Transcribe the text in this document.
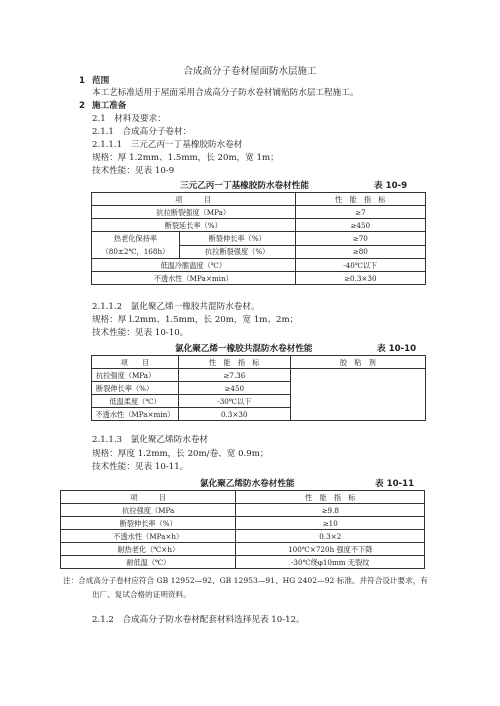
合成高分子卷材屋面防水层施工
1 范围
本工艺标准适用于屋面采用合成高分子防水卷材铺贴防水层工程施工。
2 施工准备
2.1　材料及要求：
2.1.1　合成高分子卷材：
2.1.1.1　三元乙丙一丁基橡胶防水卷材
规格：厚 1.2mm、1.5mm，长 20m，宽 1m；
技术性能：见表 10-9
三元乙丙一丁基橡胶防水卷材性能	表 10-9
项　　　目		性　能　指　标
抗拉断裂强度（MPa）		≥7
断裂延长率（%）		≥450

热老化保持率
（80±2℃，168h）	断裂伸长率（%）	≥70
	抗拉断裂强度（%）	≥80
低温冷脆温度（℃）		-40℃以下
不透水性（MPa×min）		≥0.3×30
2.1.1.2　氯化聚乙烯一橡胶共混防水卷材。
规格：厚 l.2mm、1.5mm，长 20m，宽 1m、2m；
技术性能：见表 10-10。
氯化聚乙烯一橡胶共混防水卷材性能	表 10-10
项　　目	性　能　指　标	胶　粘　剂
抗拉强度（MPa）	≥7.36	
断裂伸长率（%）	≥450	
低温柔度（℃）	-30℃以下	
不透水性（MPa×min）	0.3×30	
2.1.1.3　氯化聚乙烯防水卷材
规格：厚度 1.2mm，长 20m/卷、宽 0.9m；
技术性能：见表 10-11。
氯化聚乙烯防水卷材性能	表 10-11
项　　　目	性　能　指　标
抗拉强度（MPa	≥9.8
断裂伸长率（%）	≥10
不透水性（MPa×h）	0.3×2
耐热老化（℃×h）	100℃×720h 强度不下降
耐低温（℃）	-30℃绕φ10mm 无裂纹
注：合成高分子卷材应符合 GB 12952—92、GB 12953—91、HG 2402—92 标准。并符合设计要求，有
出厂、复试合格的证明资料。
2.1.2　合成高分子防水卷材配套材料选择见表 10-12。
